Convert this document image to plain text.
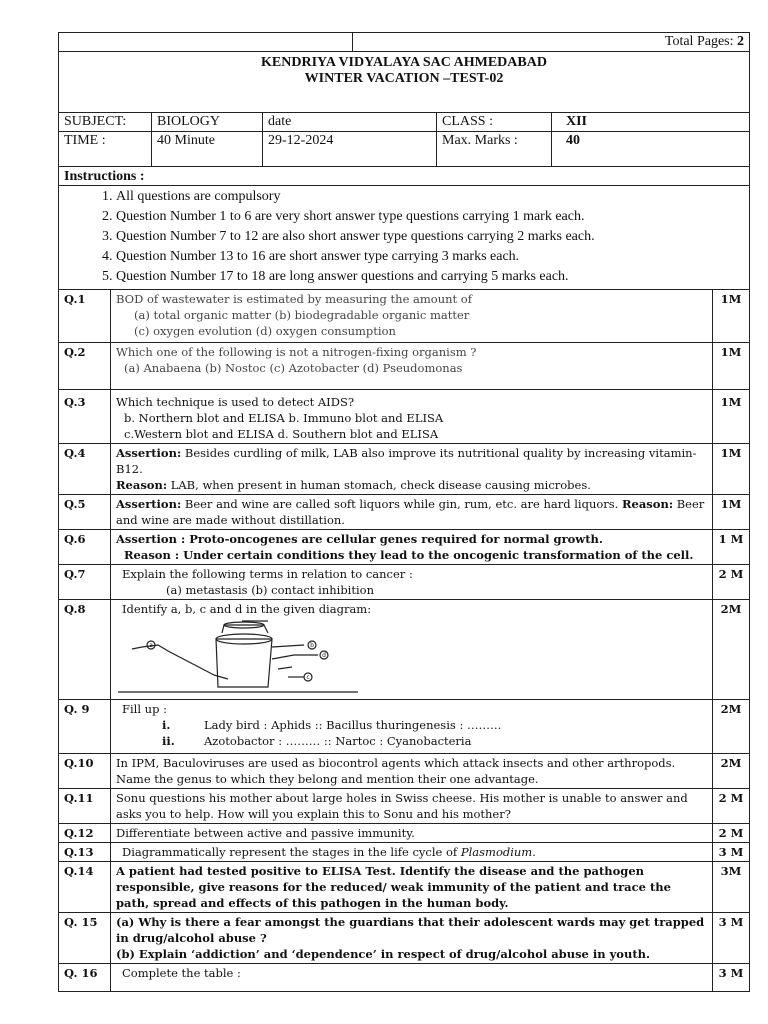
	Total Pages: 2

KENDRIYA VIDYALAYA SAC AHMEDABAD
WINTER VACATION –TEST-02
SUBJECT:	BIOLOGY	date	CLASS :	XII
TIME :	40 Minute	29-12-2024	Max. Marks :	40
Instructions :

1. All questions are compulsory
2. Question Number 1 to 6 are very short answer type questions carrying 1 mark each.
3. Question Number 7 to 12 are also short answer type questions carrying 2 marks each.
4. Question Number 13 to 16 are short answer type carrying 3 marks each.
5. Question Number 17 to 18 are long answer questions and carrying 5 marks each.
Q.1	BOD of wastewater is estimated by measuring the amount of
(a) total organic matter (b) biodegradable organic matter
(c) oxygen evolution (d) oxygen consumption	1M
Q.2	Which one of the following is not a nitrogen-fixing organism ?
(a) Anabaena (b) Nostoc (c) Azotobacter (d) Pseudomonas	1M
Q.3	Which technique is used to detect AIDS?
b. Northern blot and ELISA b. Immuno blot and ELISA
c.Western blot and ELISA d. Southern blot and ELISA	1M
Q.4	Assertion: Besides curdling of milk, LAB also improve its nutritional quality by increasing vitamin-B12.
Reason: LAB, when present in human stomach, check disease causing microbes.	1M
Q.5	Assertion: Beer and wine are called soft liquors while gin, rum, etc. are hard liquors. Reason: Beer and wine are made without distillation.	1M
Q.6	Assertion : Proto-oncogenes are cellular genes required for normal growth.
Reason : Under certain conditions they lead to the oncogenic transformation of the cell.	1 M
Q.7	Explain the following terms in relation to cancer :
(a) metastasis (b) contact inhibition	2 M
Q.8	Identify a, b, c and d in the given diagram:
a b
d
c	2M
Q. 9	Fill up :
i. Lady bird : Aphids :: Bacillus thuringenesis : ………
ii. Azotobactor : ……… :: Nartoc : Cyanobacteria	2M
Q.10	In IPM, Baculoviruses are used as biocontrol agents which attack insects and other arthropods. Name the genus to which they belong and mention their one advantage.	2M
Q.11	Sonu questions his mother about large holes in Swiss cheese. His mother is unable to answer and asks you to help. How will you explain this to Sonu and his mother?	2 M
Q.12	Differentiate between active and passive immunity.	2 M
Q.13	Diagrammatically represent the stages in the life cycle of Plasmodium.	3 M
Q.14	A patient had tested positive to ELISA Test. Identify the disease and the pathogen responsible, give reasons for the reduced/ weak immunity of the patient and trace the path, spread and effects of this pathogen in the human body.	3M
Q. 15	(a) Why is there a fear amongst the guardians that their adolescent wards may get trapped in drug/alcohol abuse ?
(b) Explain ‘addiction’ and ‘dependence’ in respect of drug/alcohol abuse in youth.	3 M
Q. 16	Complete the table :	3 M
